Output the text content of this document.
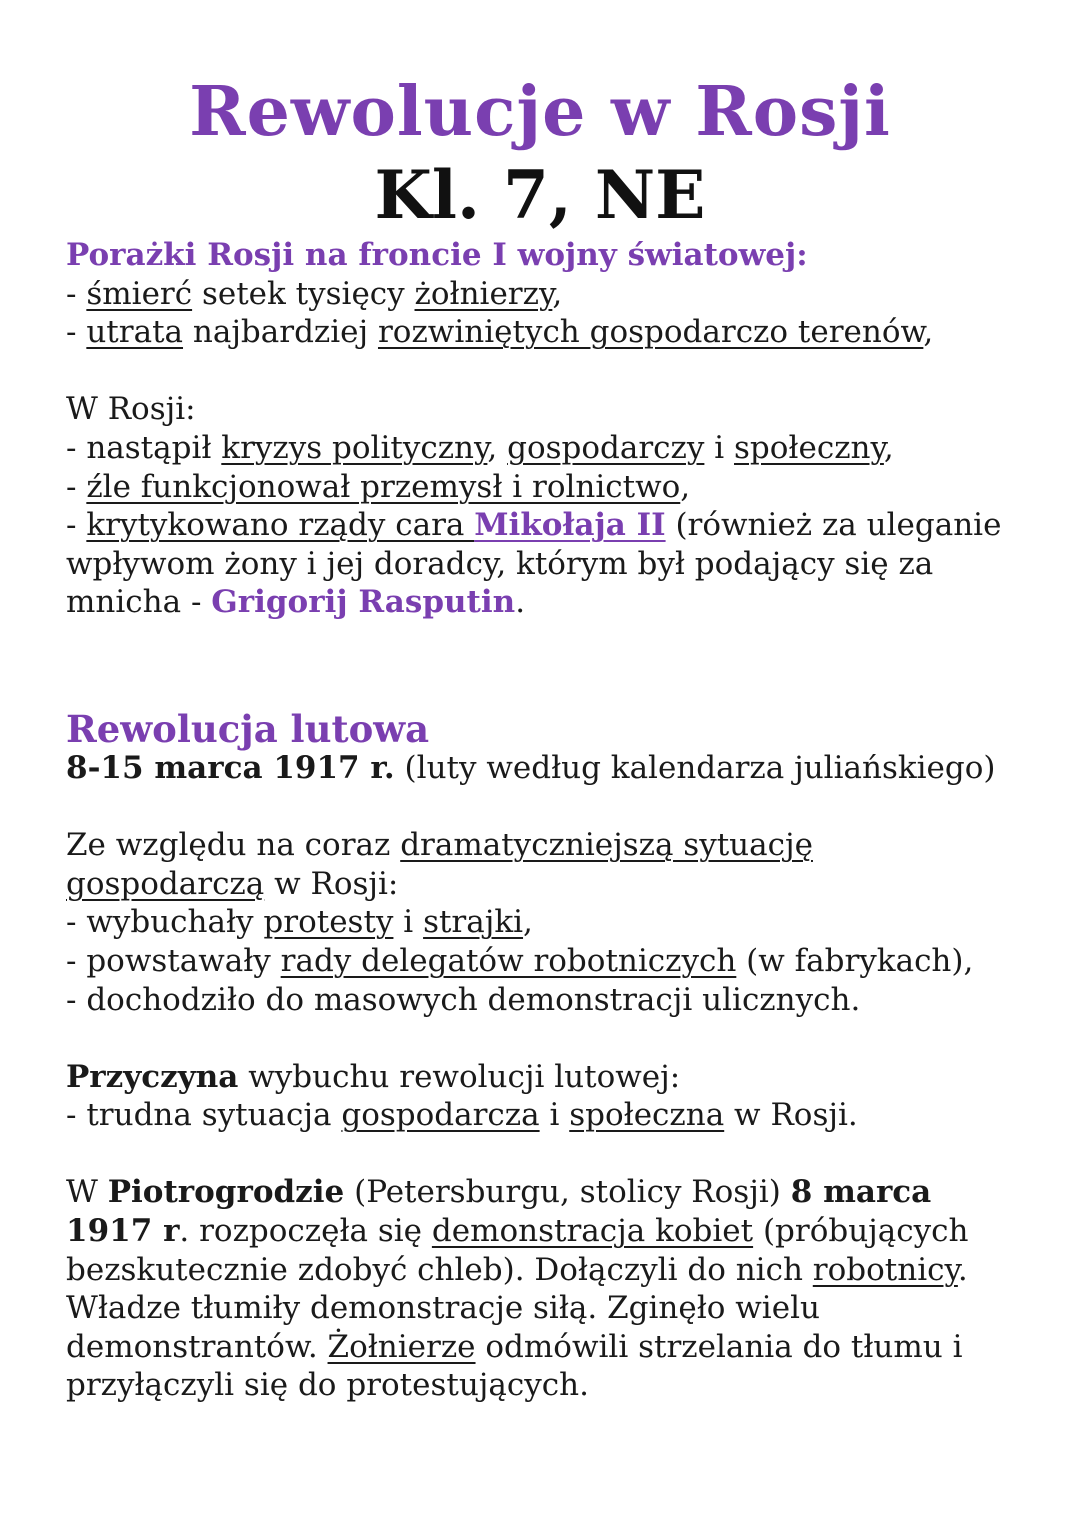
Rewolucje w Rosji
Kl. 7, NE

Porażki Rosji na froncie I wojny światowej:

- śmierć setek tysięcy żołnierzy,

- utrata najbardziej rozwiniętych gospodarczo terenów,

W Rosji:

- nastąpił kryzys polityczny, gospodarczy i społeczny,

- źle funkcjonował przemysł i rolnictwo,

- krytykowano rządy cara Mikołaja II (również za uleganie wpływom żony i jej doradcy, którym był podający się za mnicha - Grigorij Rasputin.

Rewolucja lutowa

8-15 marca 1917 r. (luty według kalendarza juliańskiego)

Ze względu na coraz dramatyczniejszą sytuację gospodarczą w Rosji:

- wybuchały protesty i strajki,

- powstawały rady delegatów robotniczych (w fabrykach),

- dochodziło do masowych demonstracji ulicznych.

Przyczyna wybuchu rewolucji lutowej:

- trudna sytuacja gospodarcza i społeczna w Rosji.

W Piotrogrodzie (Petersburgu, stolicy Rosji) 8 marca 1917 r. rozpoczęła się demonstracja kobiet (próbujących bezskutecznie zdobyć chleb). Dołączyli do nich robotnicy. Władze tłumiły demonstracje siłą. Zginęło wielu demonstrantów. Żołnierze odmówili strzelania do tłumu i przyłączyli się do protestujących.
